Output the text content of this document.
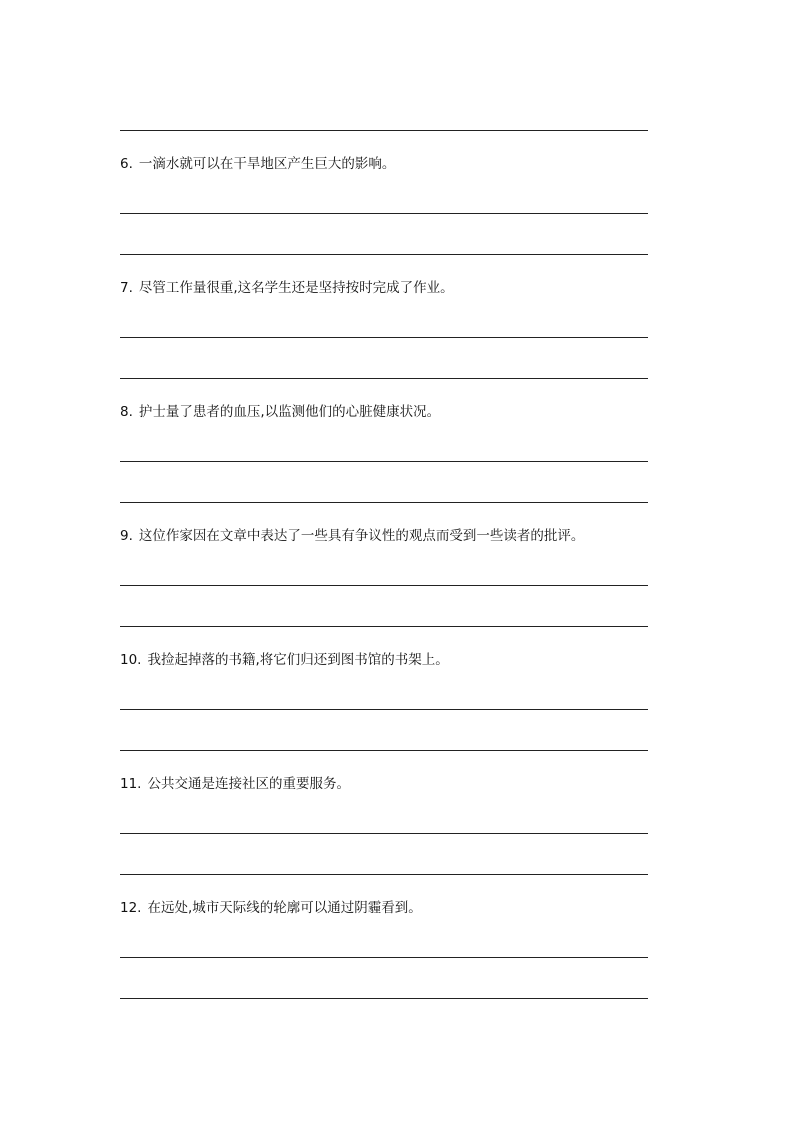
6. 一滴水就可以在干旱地区产生巨大的影响。
7. 尽管工作量很重,这名学生还是坚持按时完成了作业。
8. 护士量了患者的血压,以监测他们的心脏健康状况。
9. 这位作家因在文章中表达了一些具有争议性的观点而受到一些读者的批评。
10. 我捡起掉落的书籍,将它们归还到图书馆的书架上。
11. 公共交通是连接社区的重要服务。
12. 在远处,城市天际线的轮廓可以通过阴霾看到。
